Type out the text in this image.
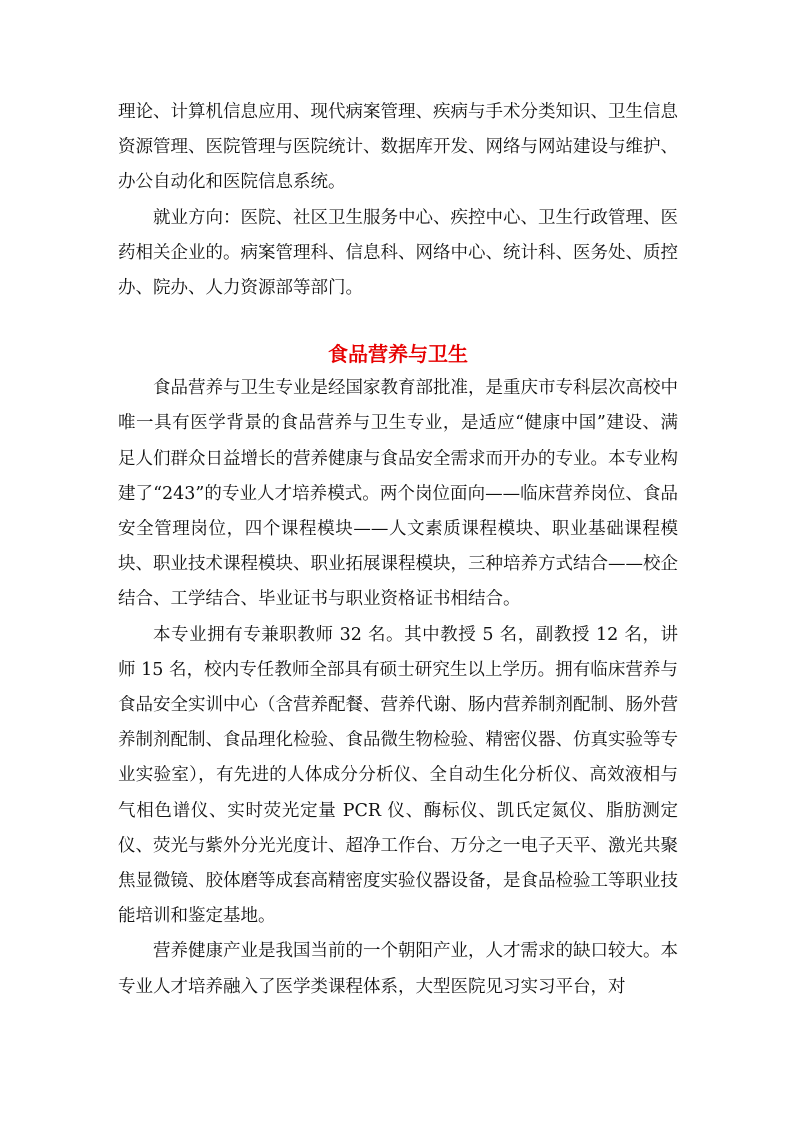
理论、计算机信息应用、现代病案管理、疾病与手术分类知识、卫生信息资源管理、医院管理与医院统计、数据库开发、网络与网站建设与维护、办公自动化和医院信息系统。

就业方向：医院、社区卫生服务中心、疾控中心、卫生行政管理、医药相关企业的。病案管理科、信息科、网络中心、统计科、医务处、质控办、院办、人力资源部等部门。

食品营养与卫生

食品营养与卫生专业是经国家教育部批准，是重庆市专科层次高校中唯一具有医学背景的食品营养与卫生专业，是适应“健康中国”建设、满足人们群众日益增长的营养健康与食品安全需求而开办的专业。本专业构建了“243”的专业人才培养模式。两个岗位面向——临床营养岗位、食品安全管理岗位，四个课程模块——人文素质课程模块、职业基础课程模块、职业技术课程模块、职业拓展课程模块，三种培养方式结合——校企结合、工学结合、毕业证书与职业资格证书相结合。

本专业拥有专兼职教师 32 名。其中教授 5 名，副教授 12 名，讲师 15 名，校内专任教师全部具有硕士研究生以上学历。拥有临床营养与食品安全实训中心（含营养配餐、营养代谢、肠内营养制剂配制、肠外营养制剂配制、食品理化检验、食品微生物检验、精密仪器、仿真实验等专业实验室），有先进的人体成分分析仪、全自动生化分析仪、高效液相与气相色谱仪、实时荧光定量 PCR 仪、酶标仪、凯氏定氮仪、脂肪测定仪、荧光与紫外分光光度计、超净工作台、万分之一电子天平、激光共聚焦显微镜、胶体磨等成套高精密度实验仪器设备，是食品检验工等职业技能培训和鉴定基地。

营养健康产业是我国当前的一个朝阳产业，人才需求的缺口较大。本专业人才培养融入了医学类课程体系，大型医院见习实习平台，对
